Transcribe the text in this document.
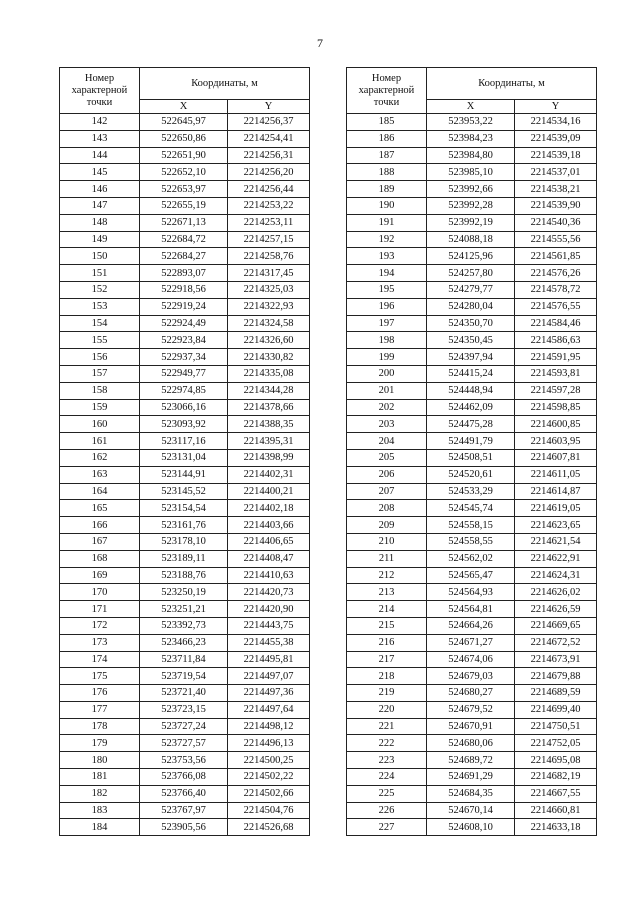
7
Номер характерной точки	Координаты, м	
	X	Y
142	522645,97	2214256,37
143	522650,86	2214254,41
144	522651,90	2214256,31
145	522652,10	2214256,20
146	522653,97	2214256,44
147	522655,19	2214253,22
148	522671,13	2214253,11
149	522684,72	2214257,15
150	522684,27	2214258,76
151	522893,07	2214317,45
152	522918,56	2214325,03
153	522919,24	2214322,93
154	522924,49	2214324,58
155	522923,84	2214326,60
156	522937,34	2214330,82
157	522949,77	2214335,08
158	522974,85	2214344,28
159	523066,16	2214378,66
160	523093,92	2214388,35
161	523117,16	2214395,31
162	523131,04	2214398,99
163	523144,91	2214402,31
164	523145,52	2214400,21
165	523154,54	2214402,18
166	523161,76	2214403,66
167	523178,10	2214406,65
168	523189,11	2214408,47
169	523188,76	2214410,63
170	523250,19	2214420,73
171	523251,21	2214420,90
172	523392,73	2214443,75
173	523466,23	2214455,38
174	523711,84	2214495,81
175	523719,54	2214497,07
176	523721,40	2214497,36
177	523723,15	2214497,64
178	523727,24	2214498,12
179	523727,57	2214496,13
180	523753,56	2214500,25
181	523766,08	2214502,22
182	523766,40	2214502,66
183	523767,97	2214504,76
184	523905,56	2214526,68
Номер характерной точки	Координаты, м	
	X	Y
185	523953,22	2214534,16
186	523984,23	2214539,09
187	523984,80	2214539,18
188	523985,10	2214537,01
189	523992,66	2214538,21
190	523992,28	2214539,90
191	523992,19	2214540,36
192	524088,18	2214555,56
193	524125,96	2214561,85
194	524257,80	2214576,26
195	524279,77	2214578,72
196	524280,04	2214576,55
197	524350,70	2214584,46
198	524350,45	2214586,63
199	524397,94	2214591,95
200	524415,24	2214593,81
201	524448,94	2214597,28
202	524462,09	2214598,85
203	524475,28	2214600,85
204	524491,79	2214603,95
205	524508,51	2214607,81
206	524520,61	2214611,05
207	524533,29	2214614,87
208	524545,74	2214619,05
209	524558,15	2214623,65
210	524558,55	2214621,54
211	524562,02	2214622,91
212	524565,47	2214624,31
213	524564,93	2214626,02
214	524564,81	2214626,59
215	524664,26	2214669,65
216	524671,27	2214672,52
217	524674,06	2214673,91
218	524679,03	2214679,88
219	524680,27	2214689,59
220	524679,52	2214699,40
221	524670,91	2214750,51
222	524680,06	2214752,05
223	524689,72	2214695,08
224	524691,29	2214682,19
225	524684,35	2214667,55
226	524670,14	2214660,81
227	524608,10	2214633,18
